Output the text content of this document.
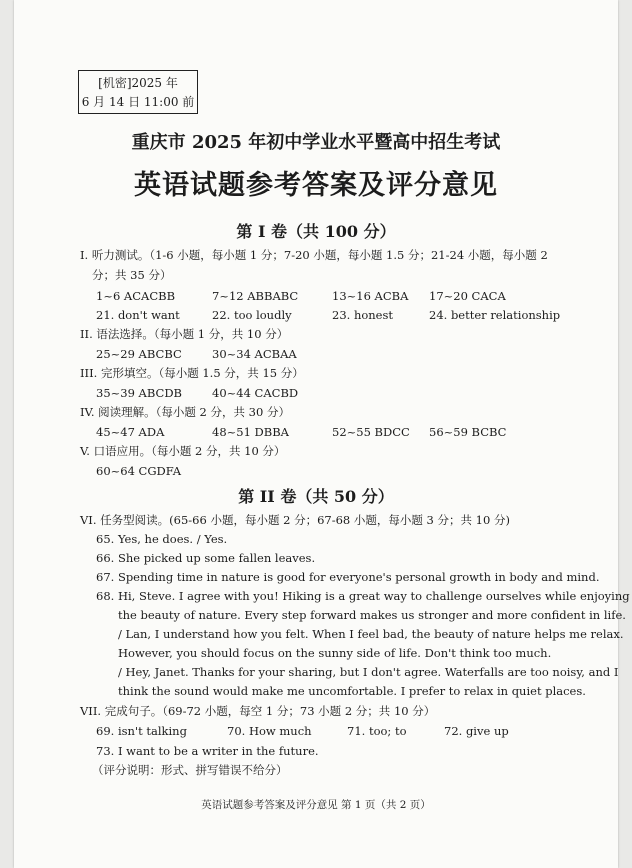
[机密]2025 年
6 月 14 日 11:00 前
重庆市 2025 年初中学业水平暨高中招生考试
英语试题参考答案及评分意见
第 I 卷（共 100 分）
I. 听力测试。（1-6 小题，每小题 1 分；7-20 小题，每小题 1.5 分；21-24 小题，每小题 2
分；共 35 分）
1~6 ACACBB	7~12 ABBABC	13~16 ACBA 17~20 CACA
21. don't want	22. too loudly	23. honest	24. better relationship
II. 语法选择。（每小题 1 分，共 10 分）
25~29 ABCBC	30~34 ACBAA
III. 完形填空。（每小题 1.5 分，共 15 分）
35~39 ABCDB	40~44 CACBD
IV. 阅读理解。（每小题 2 分，共 30 分）
45~47 ADA	48~51 DBBA	52~55 BDCC 56~59 BCBC
V. 口语应用。（每小题 2 分，共 10 分）
60~64 CGDFA
第 II 卷（共 50 分）
VI. 任务型阅读。(65-66 小题，每小题 2 分；67-68 小题，每小题 3 分；共 10 分)
65. Yes, he does. / Yes.
66. She picked up some fallen leaves.
67. Spending time in nature is good for everyone's personal growth in body and mind.
68. Hi, Steve. I agree with you! Hiking is a great way to challenge ourselves while enjoying
the beauty of nature. Every step forward makes us stronger and more confident in life.
/ Lan, I understand how you felt. When I feel bad, the beauty of nature helps me relax.
However, you should focus on the sunny side of life. Don't think too much.
/ Hey, Janet. Thanks for your sharing, but I don't agree. Waterfalls are too noisy, and I
think the sound would make me uncomfortable. I prefer to relax in quiet places.
VII. 完成句子。（69-72 小题，每空 1 分；73 小题 2 分；共 10 分）
69. isn't talking	70. How much	71. too; to	72. give up
73. I want to be a writer in the future.
（评分说明：形式、拼写错误不给分）
英语试题参考答案及评分意见 第 1 页（共 2 页）
